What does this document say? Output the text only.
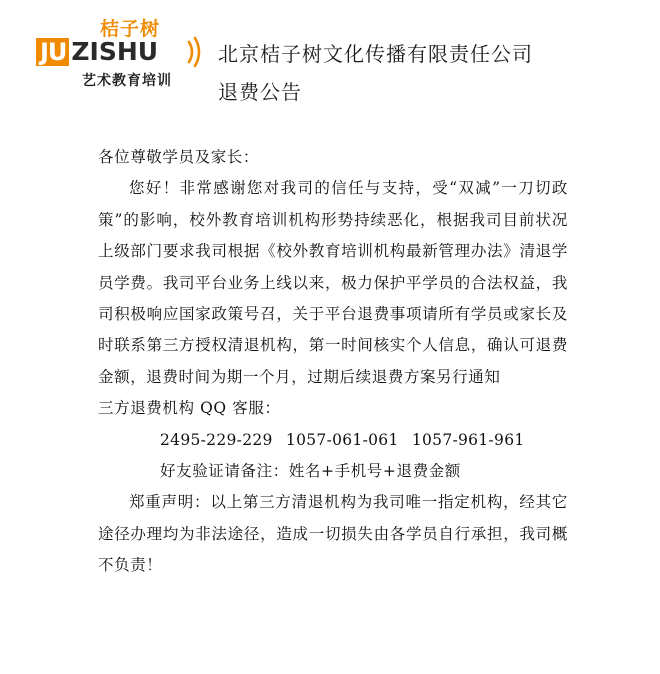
桔子树
JU ZISHU
艺术教育培训
北京桔子树文化传播有限责任公司
退费公告

各位尊敬学员及家长：

您好！非常感谢您对我司的信任与支持，受“双减”一刀切政策”的影响，校外教育培训机构形势持续恶化，根据我司目前状况上级部门要求我司根据《校外教育培训机构最新管理办法》清退学员学费。我司平台业务上线以来，极力保护平学员的合法权益，我司积极响应国家政策号召，关于平台退费事项请所有学员或家长及时联系第三方授权清退机构，第一时间核实个人信息，确认可退费金额，退费时间为期一个月，过期后续退费方案另行通知

三方退费机构 QQ 客服：

2495-229-229 1057-061-061 1057-961-961

好友验证请备注：姓名+手机号+退费金额

郑重声明：以上第三方清退机构为我司唯一指定机构，经其它途径办理均为非法途径，造成一切损失由各学员自行承担，我司概不负责！
